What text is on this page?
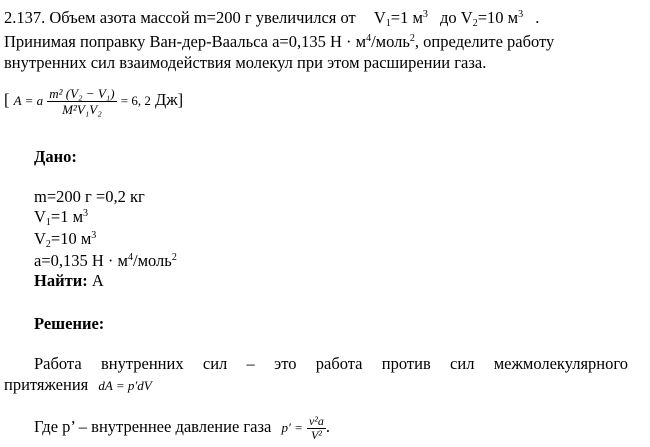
2.137. Объем азота массой m=200 г увеличился от $V_1=1$ $м^3$ до $V_2=10$ $м^3$ .
Принимая поправку Ван-дер-Ваальса a=0,135 $Н \cdot м^4/моль^2$, определите работу
внутренних сил взаимодействия молекул при этом расширении газа.
[ A = a $\frac{\text{m² (V₂ − V₁)}}{\text{M²V₁V₂}} = 6$, 2 Дж]
Дано:
m=200 г =0,2 кг
$V_1=1$ $м^3$
$V_2=10$ $м^3$
a=0,135 $Н \cdot м^4/моль^2$
Найти: А
Решение:
Работа внутренних сил – это работа против сил межмолекулярного
притяжения dA = p′dV
Где p’ – внутреннее давление газа $p' = \frac{\text{ν²a}}{\text{V²}}$ .
